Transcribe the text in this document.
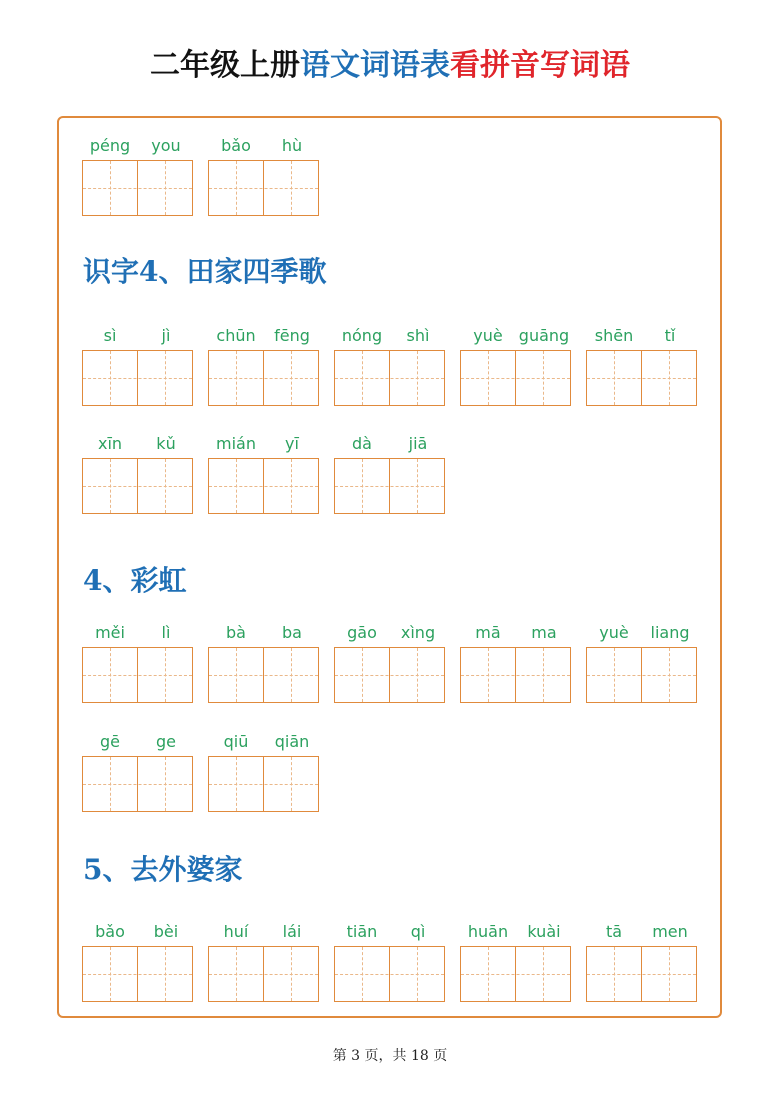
二年级上册语文词语表看拼音写词语
péng	you	bǎo	hù
识字4、田家四季歌
sì	jì	chūn	fēng	nóng	shì	yuè	guāng	shēn	tǐ
xīn	kǔ	mián	yī	dà	jiā
4、彩虹
měi	lì	bà	ba	gāo	xìng	mā	ma	yuè	liang
gē	ge	qiū	qiān
5、去外婆家
bǎo	bèi	huí	lái	tiān	qì	huān	kuài	tā	men
第 3 页，共 18 页
